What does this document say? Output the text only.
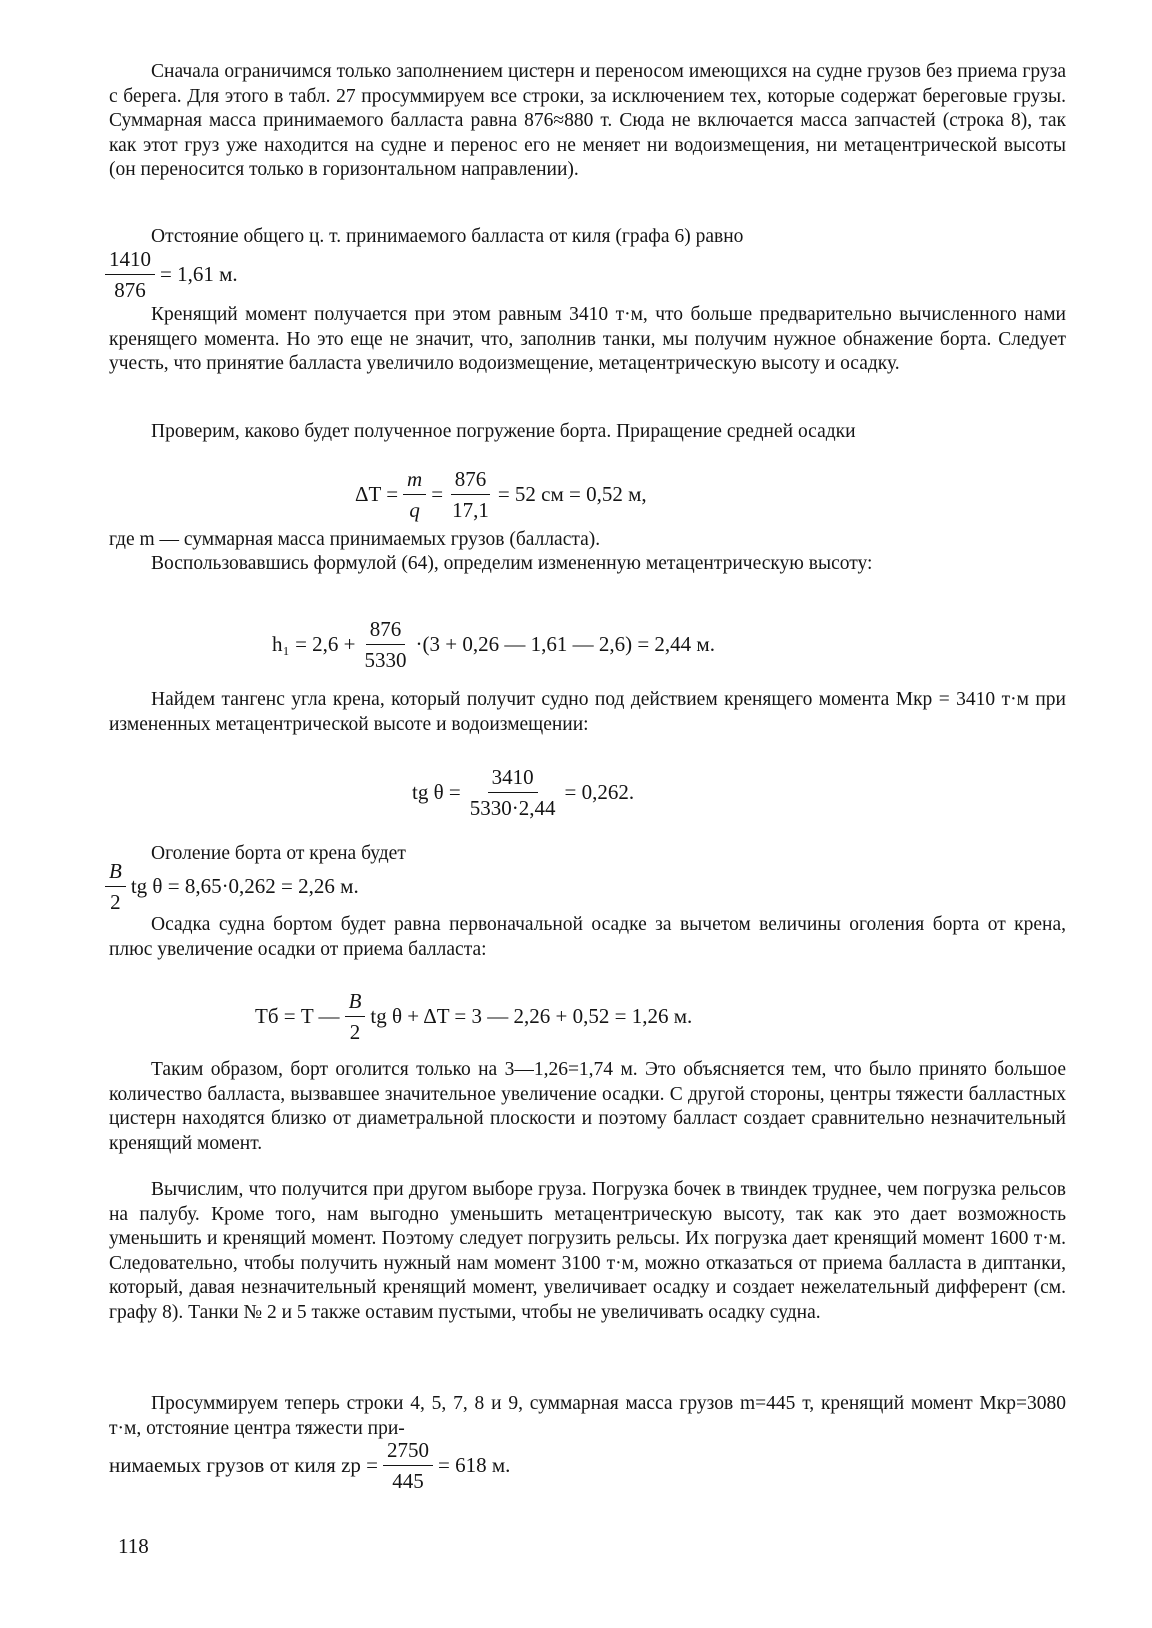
Сначала ограничимся только заполнением цистерн и переносом имеющихся на судне грузов без приема груза с берега. Для этого в табл. 27 просуммируем все строки, за исключением тех, которые содержат береговые грузы. Суммарная масса принимаемого балласта равна 876≈880 т. Сюда не включается масса запчастей (строка 8), так как этот груз уже находится на судне и перенос его не меняет ни водоизмещения, ни метацентрической высоты (он переносится только в горизонтальном направлении).
Отстояние общего ц. т. принимаемого балласта от киля (графа 6) равно
$\frac{1410}{876} = 1,61$ м.
Кренящий момент получается при этом равным 3410 т·м, что больше предварительно вычисленного нами кренящего момента. Но это еще не значит, что, заполнив танки, мы получим нужное обнажение борта. Следует учесть, что принятие балласта увеличило водоизмещение, метацентрическую высоту и осадку.
Проверим, каково будет полученное погружение борта. Приращение средней осадки
$\Delta T = \frac{m}{q} = \frac{876}{17,1} = 52$ см = 0,52 м,
где m — суммарная масса принимаемых грузов (балласта).
Воспользовавшись формулой (64), определим измененную метацентрическую высоту:
$h_1 = 2,6 + \frac{876}{5330} \cdot(3 + 0,26$ — 1,61 — 2,6) = 2,44 м.
Найдем тангенс угла крена, который получит судно под действием кренящего момента Mкр = 3410 т·м при измененных метацентрической высоте и водоизмещении:
tg $\theta = \frac{3410}{5330\cdot 2,44} = 0,262$.
Оголение борта от крена будет
$\frac{B}{2}$ tg θ = 8,65·0,262 = 2,26 м.
Осадка судна бортом будет равна первоначальной осадке за вычетом величины оголения борта от крена, плюс увеличение осадки от приема балласта:
Tб = T — $\frac{B}{2}$ tg θ + ΔT = 3 — 2,26 + 0,52 = 1,26 м.
Таким образом, борт оголится только на 3—1,26=1,74 м. Это объясняется тем, что было принято большое количество балласта, вызвавшее значительное увеличение осадки. С другой стороны, центры тяжести балластных цистерн находятся близко от диаметральной плоскости и поэтому балласт создает сравнительно незначительный кренящий момент.
Вычислим, что получится при другом выборе груза. Погрузка бочек в твиндек труднее, чем погрузка рельсов на палубу. Кроме того, нам выгодно уменьшить метацентрическую высоту, так как это дает возможность уменьшить и кренящий момент. Поэтому следует погрузить рельсы. Их погрузка дает кренящий момент 1600 т·м. Следовательно, чтобы получить нужный нам момент 3100 т·м, можно отказаться от приема балласта в диптанки, который, давая незначительный кренящий момент, увеличивает осадку и создает нежелательный дифферент (см. графу 8). Танки № 2 и 5 также оставим пустыми, чтобы не увеличивать осадку судна.
Просуммируем теперь строки 4, 5, 7, 8 и 9, суммарная масса грузов m=445 т, кренящий момент Mкр=3080 т·м, отстояние центра тяжести при-
нимаемых грузов от киля zр = $\frac{2750}{445} = 618$ м.
118
